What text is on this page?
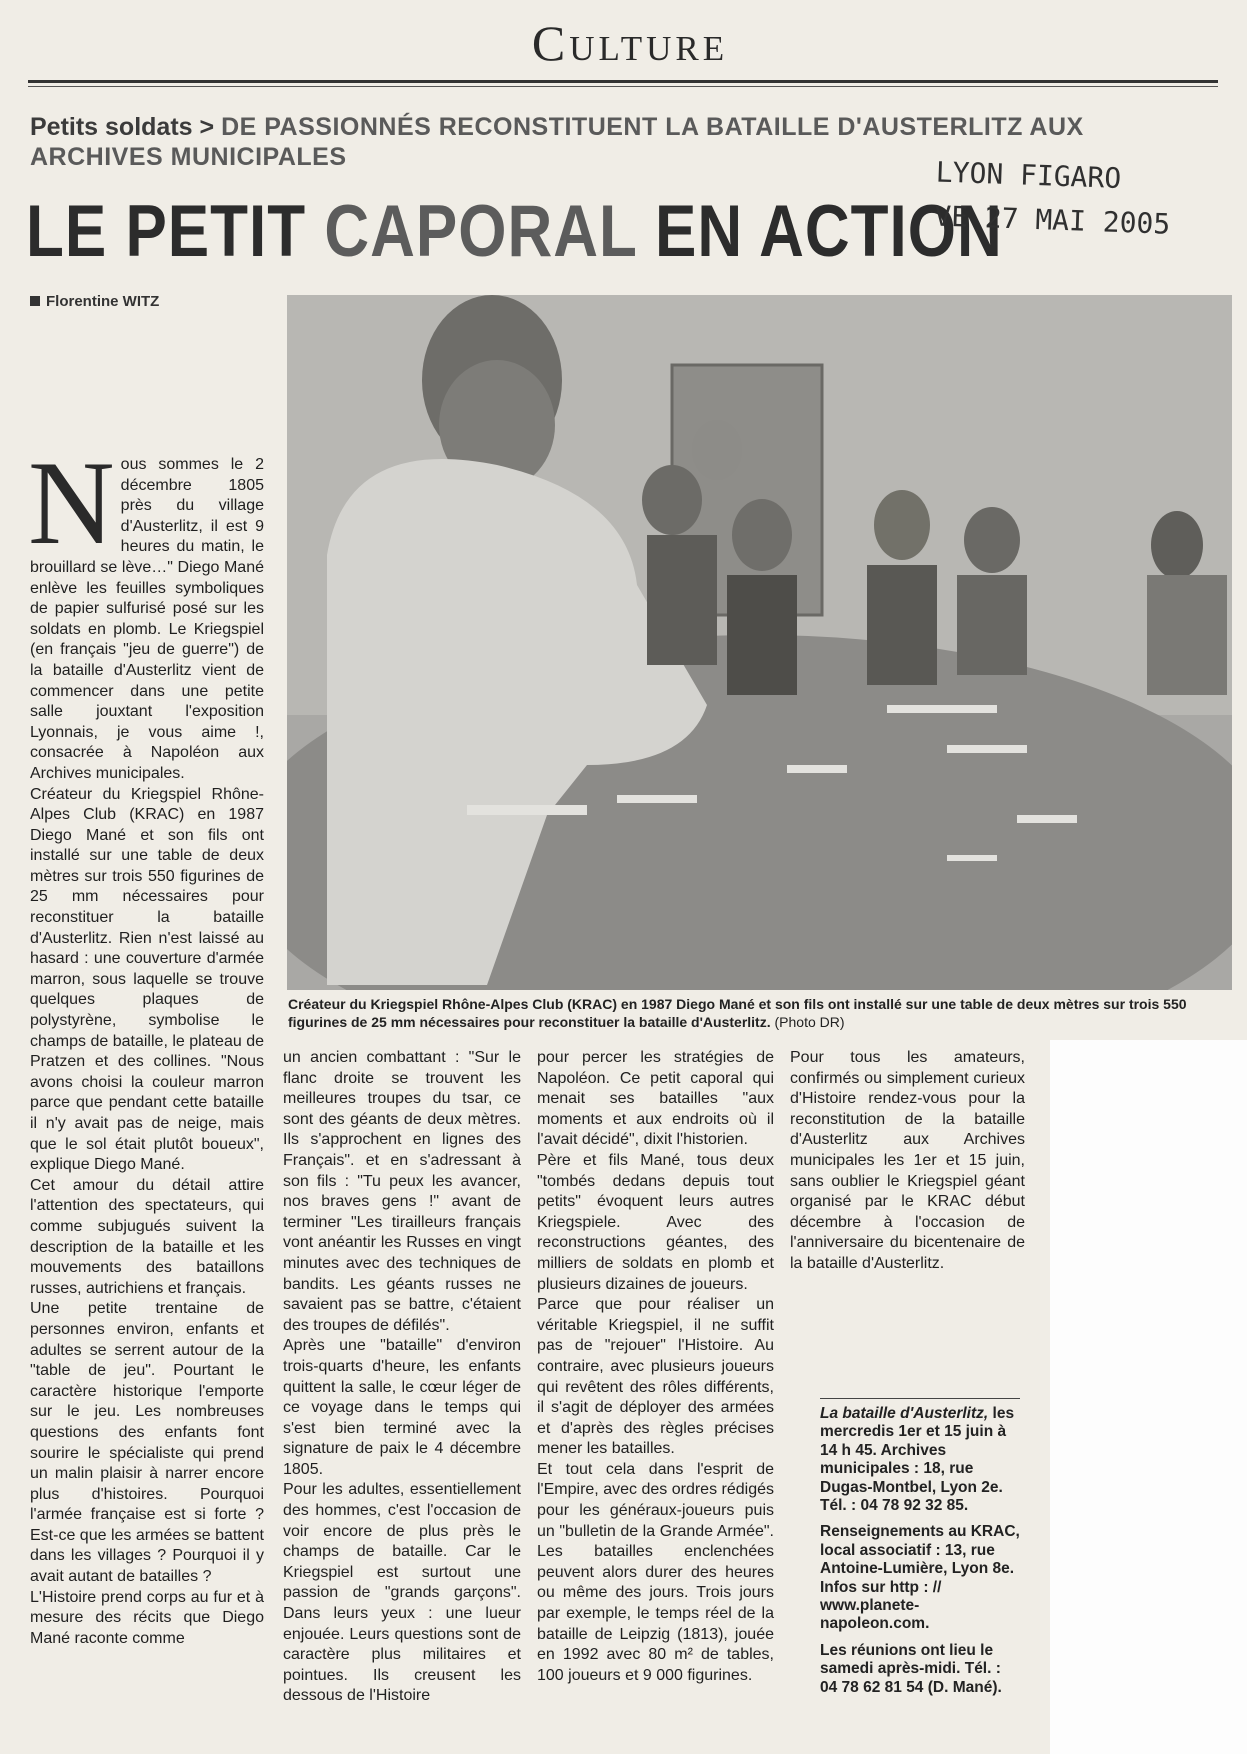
Culture
Petits soldats > DE PASSIONNÉS RECONSTITUENT LA BATAILLE D'AUSTERLITZ AUX ARCHIVES MUNICIPALES
LE PETIT CAPORAL EN ACTION
LYON FIGARO
VE 27 MAI 2005
Florentine WITZ
Créateur du Kriegspiel Rhône-Alpes Club (KRAC) en 1987 Diego Mané et son fils ont installé sur une table de deux mètres sur trois 550 figurines de 25 mm nécessaires pour reconstituer la bataille d'Austerlitz. (Photo DR)
N ous sommes le 2 décembre 1805 près du village d'Austerlitz, il est 9 heures du matin, le brouillard se lève…" Diego Mané enlève les feuilles symboliques de papier sulfurisé posé sur les soldats en plomb. Le Kriegspiel (en français "jeu de guerre") de la bataille d'Austerlitz vient de commencer dans une petite salle jouxtant l'exposition Lyonnais, je vous aime !, consacrée à Napoléon aux Archives municipales.

Créateur du Kriegspiel Rhône-Alpes Club (KRAC) en 1987 Diego Mané et son fils ont installé sur une table de deux mètres sur trois 550 figurines de 25 mm nécessaires pour reconstituer la bataille d'Austerlitz. Rien n'est laissé au hasard : une couverture d'armée marron, sous laquelle se trouve quelques plaques de polystyrène, symbolise le champs de bataille, le plateau de Pratzen et des collines. "Nous avons choisi la couleur marron parce que pendant cette bataille il n'y avait pas de neige, mais que le sol était plutôt boueux", explique Diego Mané.

Cet amour du détail attire l'attention des spectateurs, qui comme subjugués suivent la description de la bataille et les mouvements des bataillons russes, autrichiens et français.

Une petite trentaine de personnes environ, enfants et adultes se serrent autour de la "table de jeu". Pourtant le caractère historique l'emporte sur le jeu. Les nombreuses questions des enfants font sourire le spécialiste qui prend un malin plaisir à narrer encore plus d'histoires. Pourquoi l'armée française est si forte ? Est-ce que les armées se battent dans les villages ? Pourquoi il y avait autant de batailles ?

L'Histoire prend corps au fur et à mesure des récits que Diego Mané raconte comme

un ancien combattant : "Sur le flanc droite se trouvent les meilleures troupes du tsar, ce sont des géants de deux mètres. Ils s'approchent en lignes des Français". et en s'adressant à son fils : "Tu peux les avancer, nos braves gens !" avant de terminer "Les tirailleurs français vont anéantir les Russes en vingt minutes avec des techniques de bandits. Les géants russes ne savaient pas se battre, c'étaient des troupes de défilés".

Après une "bataille" d'environ trois-quarts d'heure, les enfants quittent la salle, le cœur léger de ce voyage dans le temps qui s'est bien terminé avec la signature de paix le 4 décembre 1805.

Pour les adultes, essentiellement des hommes, c'est l'occasion de voir encore de plus près le champs de bataille. Car le Kriegspiel est surtout une passion de "grands garçons". Dans leurs yeux : une lueur enjouée. Leurs questions sont de caractère plus militaires et pointues. Ils creusent les dessous de l'Histoire

pour percer les stratégies de Napoléon. Ce petit caporal qui menait ses batailles "aux moments et aux endroits où il l'avait décidé", dixit l'historien.

Père et fils Mané, tous deux "tombés dedans depuis tout petits" évoquent leurs autres Kriegspiele. Avec des reconstructions géantes, des milliers de soldats en plomb et plusieurs dizaines de joueurs.

Parce que pour réaliser un véritable Kriegspiel, il ne suffit pas de "rejouer" l'Histoire. Au contraire, avec plusieurs joueurs qui revêtent des rôles différents, il s'agit de déployer des armées et d'après des règles précises mener les batailles.

Et tout cela dans l'esprit de l'Empire, avec des ordres rédigés pour les généraux-joueurs puis un "bulletin de la Grande Armée". Les batailles enclenchées peuvent alors durer des heures ou même des jours. Trois jours par exemple, le temps réel de la bataille de Leipzig (1813), jouée en 1992 avec 80 m² de tables, 100 joueurs et 9 000 figurines.

Pour tous les amateurs, confirmés ou simplement curieux d'Histoire rendez-vous pour la reconstitution de la bataille d'Austerlitz aux Archives municipales les 1er et 15 juin, sans oublier le Kriegspiel géant organisé par le KRAC début décembre à l'occasion de l'anniversaire du bicentenaire de la bataille d'Austerlitz.

La bataille d'Austerlitz, les mercredis 1er et 15 juin à 14 h 45. Archives municipales : 18, rue Dugas-Montbel, Lyon 2e. Tél. : 04 78 92 32 85.

Renseignements au KRAC, local associatif : 13, rue Antoine-Lumière, Lyon 8e. Infos sur http : // www.planete-napoleon.com.

Les réunions ont lieu le samedi après-midi. Tél. : 04 78 62 81 54 (D. Mané).
